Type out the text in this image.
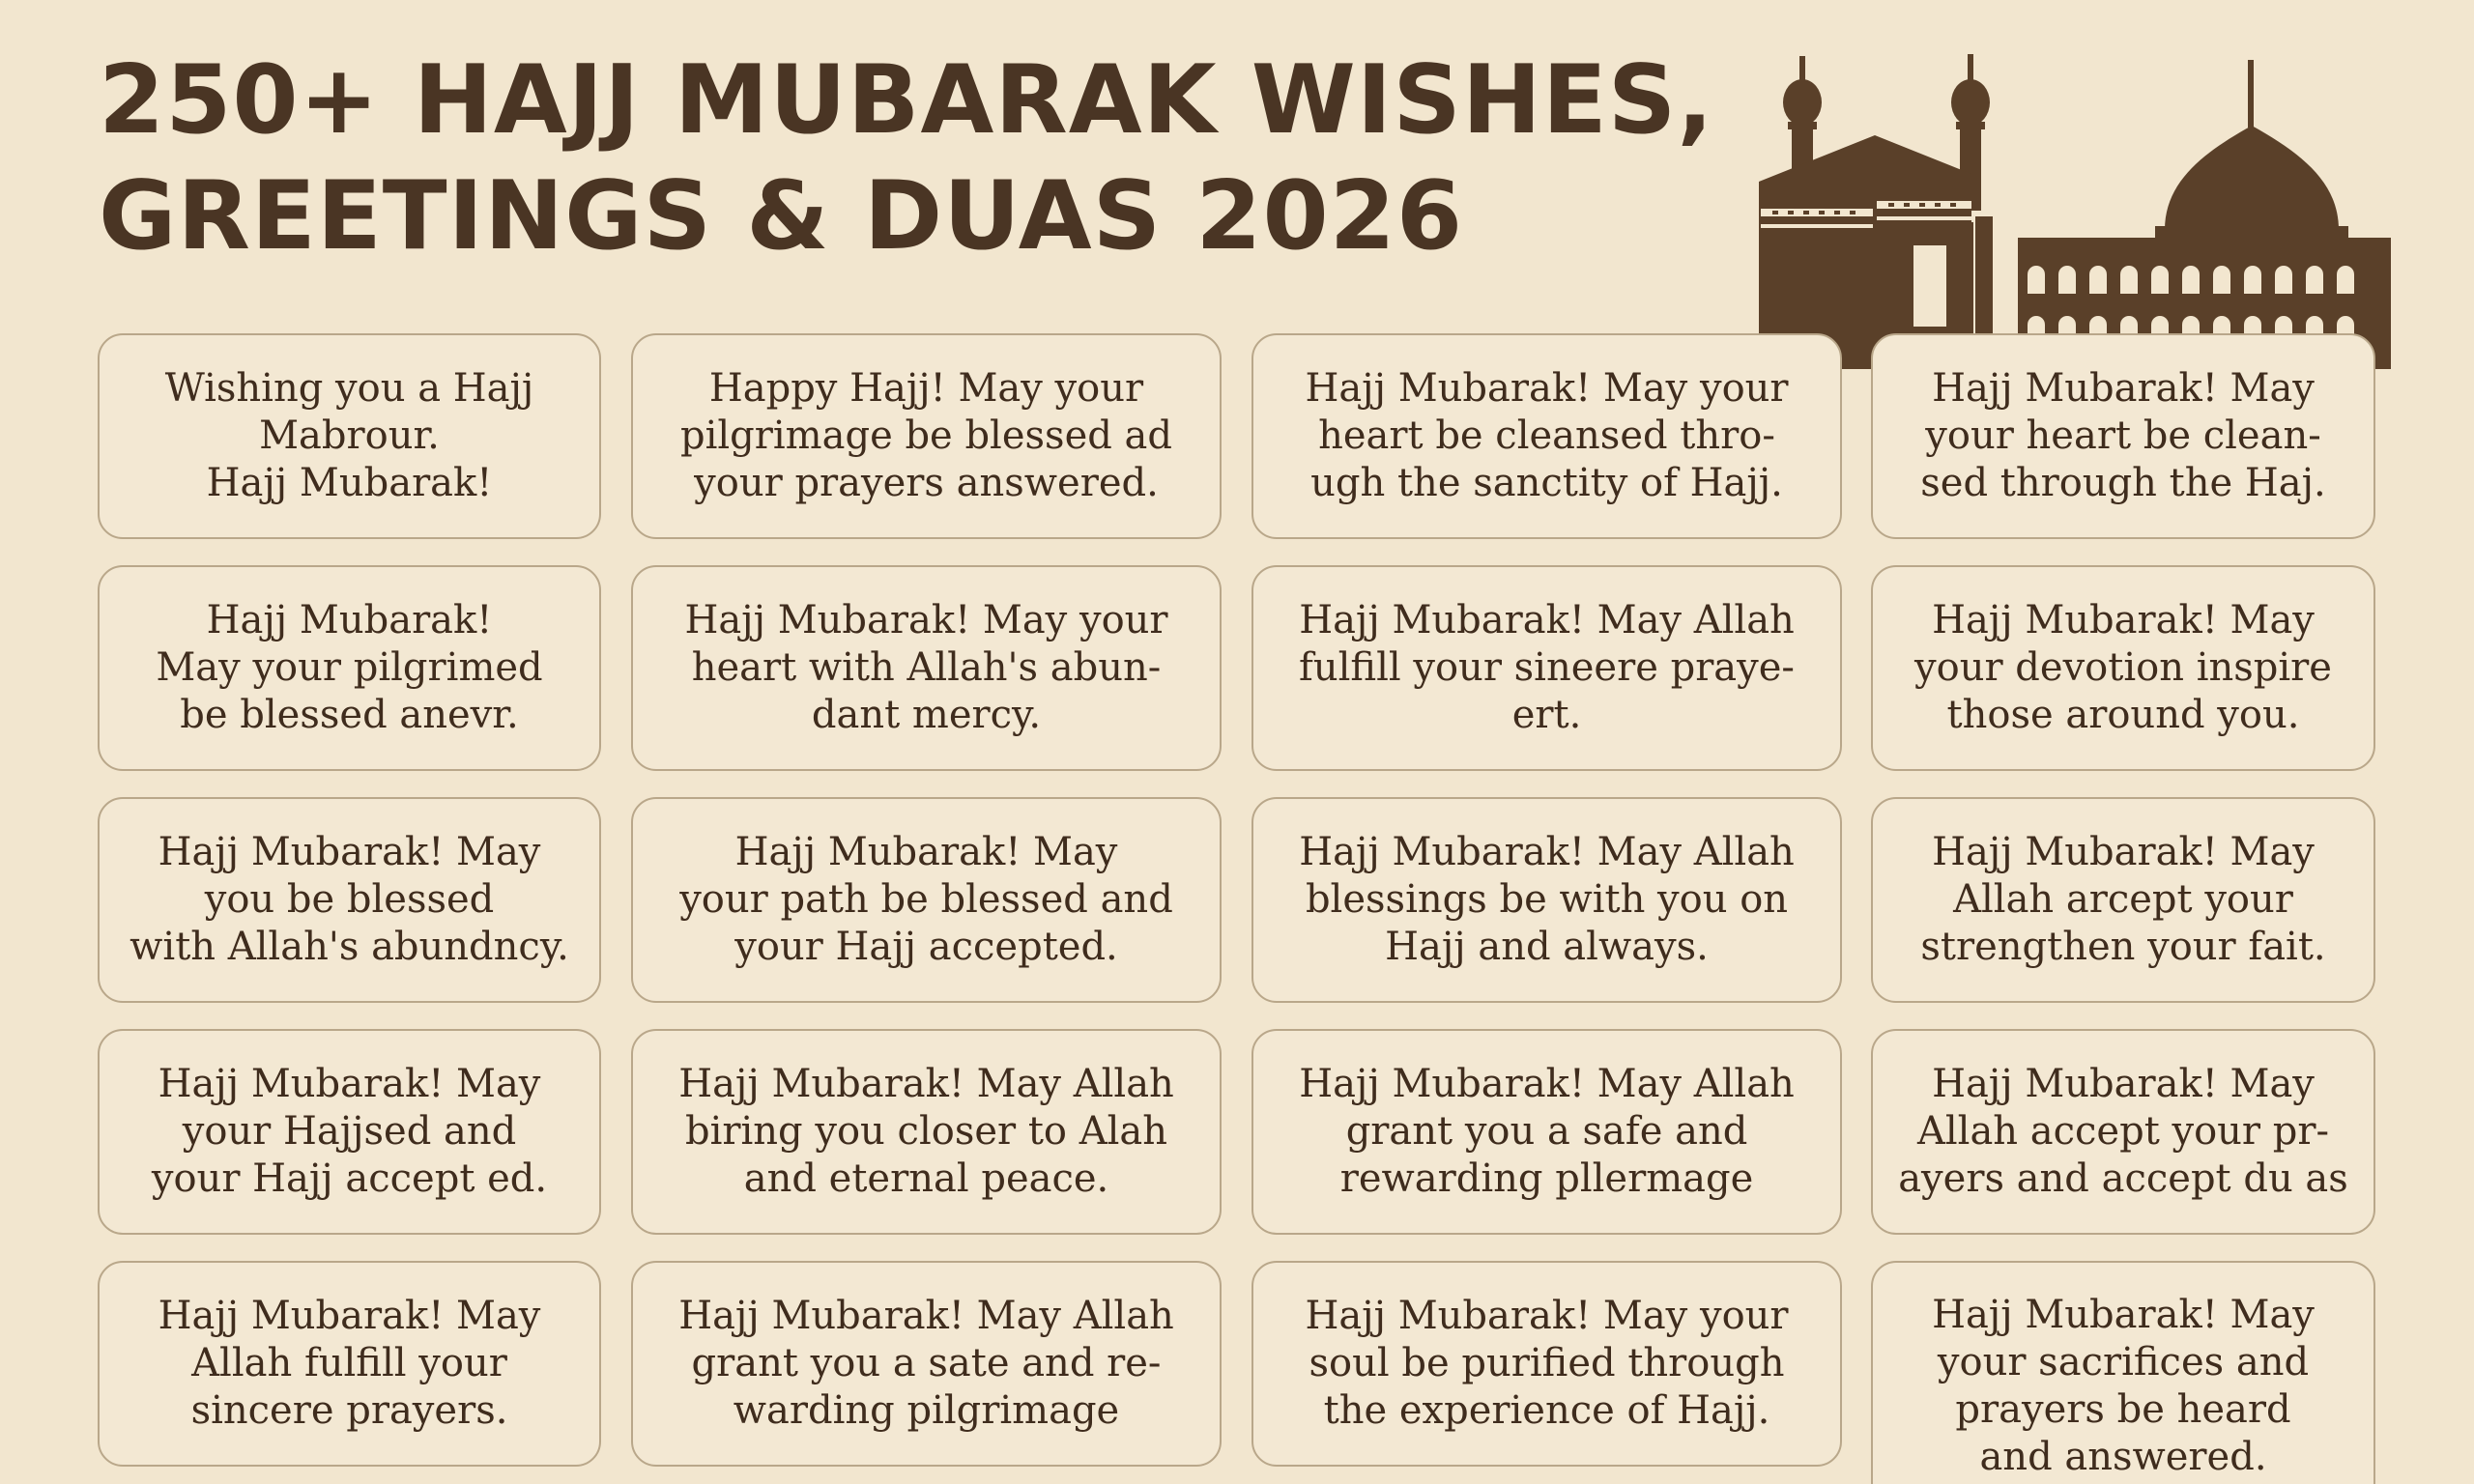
250+ HAJJ MUBARAK WISHES,
GREETINGS & DUAS 2026
Wishing you a Hajj
Mabrour.
Hajj Mubarak!
Happy Hajj! May your
pilgrimage be blessed ad
your prayers answered.
Hajj Mubarak! May your
heart be cleansed thro-
ugh the sanctity of Hajj.
Hajj Mubarak! May
your heart be clean-
sed through the Haj.
Hajj Mubarak!
May your pilgrimed
be blessed anevr.
Hajj Mubarak! May your
heart with Allah's abun-
dant mercy.
Hajj Mubarak! May Allah
fulfill your sineere praye-
ert.
Hajj Mubarak! May
your devotion inspire
those around you.
Hajj Mubarak! May
you be blessed
with Allah's abundncy.
Hajj Mubarak! May
your path be blessed and
your Hajj accepted.
Hajj Mubarak! May Allah
blessings be with you on
Hajj and always.
Hajj Mubarak! May
Allah arcept your
strengthen your fait.
Hajj Mubarak! May
your Hajjsed and
your Hajj accept ed.
Hajj Mubarak! May Allah
biring you closer to Alah
and eternal peace.
Hajj Mubarak! May Allah
grant you a safe and
rewarding pllermage
Hajj Mubarak! May
Allah accept your pr-
ayers and accept du as
Hajj Mubarak! May
Allah fulfill your
sincere prayers.
Hajj Mubarak! May Allah
grant you a sate and re-
warding pilgrimage
Hajj Mubarak! May your
soul be purified through
the experience of Hajj.
Hajj Mubarak! May
your sacrifices and
prayers be heard
and answered.
